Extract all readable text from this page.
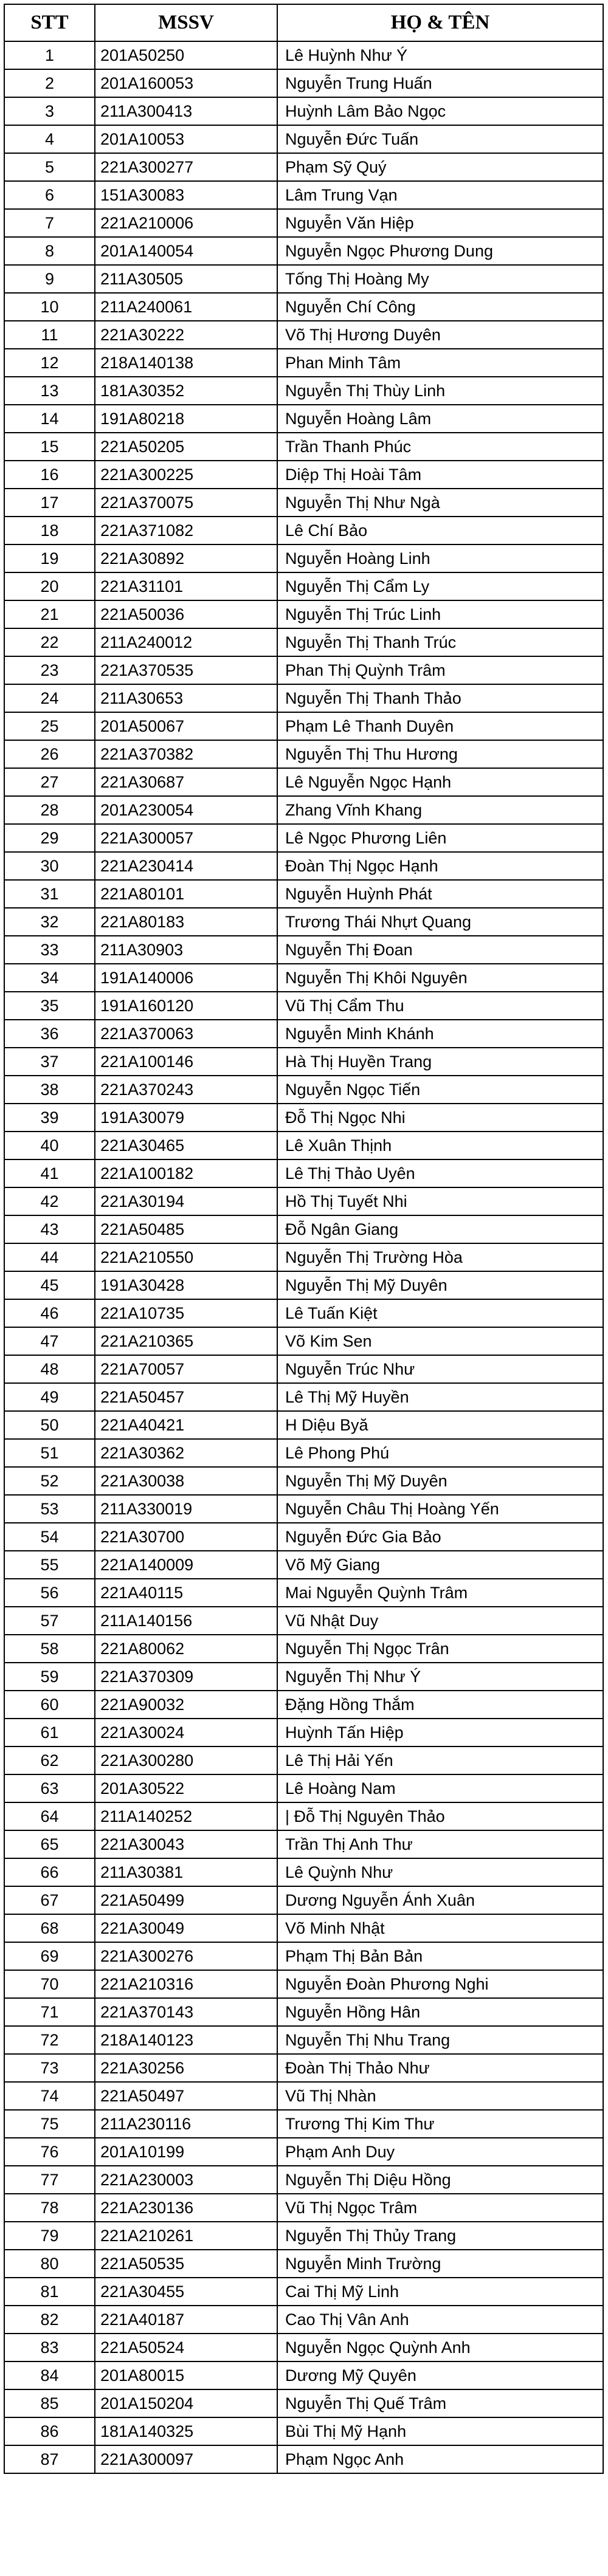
STT	MSSV	HỌ & TÊN
1	201A50250	Lê Huỳnh Như Ý
2	201A160053	Nguyễn Trung Huấn
3	211A300413	Huỳnh Lâm Bảo Ngọc
4	201A10053	Nguyễn Đức Tuấn
5	221A300277	Phạm Sỹ Quý
6	151A30083	Lâm Trung Vạn
7	221A210006	Nguyễn Văn Hiệp
8	201A140054	Nguyễn Ngọc Phương Dung
9	211A30505	Tống Thị Hoàng My
10	211A240061	Nguyễn Chí Công
11	221A30222	Võ Thị Hương Duyên
12	218A140138	Phan Minh Tâm
13	181A30352	Nguyễn Thị Thùy Linh
14	191A80218	Nguyễn Hoàng Lâm
15	221A50205	Trần Thanh Phúc
16	221A300225	Diệp Thị Hoài Tâm
17	221A370075	Nguyễn Thị Như Ngà
18	221A371082	Lê Chí Bảo
19	221A30892	Nguyễn Hoàng Linh
20	221A31101	Nguyễn Thị Cẩm Ly
21	221A50036	Nguyễn Thị Trúc Linh
22	211A240012	Nguyễn Thị Thanh Trúc
23	221A370535	Phan Thị Quỳnh Trâm
24	211A30653	Nguyễn Thị Thanh Thảo
25	201A50067	Phạm Lê Thanh Duyên
26	221A370382	Nguyễn Thị Thu Hương
27	221A30687	Lê Nguyễn Ngọc Hạnh
28	201A230054	Zhang Vĩnh Khang
29	221A300057	Lê Ngọc Phương Liên
30	221A230414	Đoàn Thị Ngọc Hạnh
31	221A80101	Nguyễn Huỳnh Phát
32	221A80183	Trương Thái Nhựt Quang
33	211A30903	Nguyễn Thị Đoan
34	191A140006	Nguyễn Thị Khôi Nguyên
35	191A160120	Vũ Thị Cẩm Thu
36	221A370063	Nguyễn Minh Khánh
37	221A100146	Hà Thị Huyền Trang
38	221A370243	Nguyễn Ngọc Tiến
39	191A30079	Đỗ Thị Ngọc Nhi
40	221A30465	Lê Xuân Thịnh
41	221A100182	Lê Thị Thảo Uyên
42	221A30194	Hồ Thị Tuyết Nhi
43	221A50485	Đỗ Ngân Giang
44	221A210550	Nguyễn Thị Trường Hòa
45	191A30428	Nguyễn Thị Mỹ Duyên
46	221A10735	Lê Tuấn Kiệt
47	221A210365	Võ Kim Sen
48	221A70057	Nguyễn Trúc Như
49	221A50457	Lê Thị Mỹ Huyền
50	221A40421	H Diệu Byă
51	221A30362	Lê Phong Phú
52	221A30038	Nguyễn Thị Mỹ Duyên
53	211A330019	Nguyễn Châu Thị Hoàng Yến
54	221A30700	Nguyễn Đức Gia Bảo
55	221A140009	Võ Mỹ Giang
56	221A40115	Mai Nguyễn Quỳnh Trâm
57	211A140156	Vũ Nhật Duy
58	221A80062	Nguyễn Thị Ngọc Trân
59	221A370309	Nguyễn Thị Như Ý
60	221A90032	Đặng Hồng Thắm
61	221A30024	Huỳnh Tấn Hiệp
62	221A300280	Lê Thị Hải Yến
63	201A30522	Lê Hoàng Nam
64	211A140252	| Đỗ Thị Nguyên Thảo
65	221A30043	Trần Thị Anh Thư
66	211A30381	Lê Quỳnh Như
67	221A50499	Dương Nguyễn Ánh Xuân
68	221A30049	Võ Minh Nhật
69	221A300276	Phạm Thị Bản Bản
70	221A210316	Nguyễn Đoàn Phương Nghi
71	221A370143	Nguyễn Hồng Hân
72	218A140123	Nguyễn Thị Nhu Trang
73	221A30256	Đoàn Thị Thảo Như
74	221A50497	Vũ Thị Nhàn
75	211A230116	Trương Thị Kim Thư
76	201A10199	Phạm Anh Duy
77	221A230003	Nguyễn Thị Diệu Hồng
78	221A230136	Vũ Thị Ngọc Trâm
79	221A210261	Nguyễn Thị Thủy Trang
80	221A50535	Nguyễn Minh Trường
81	221A30455	Cai Thị Mỹ Linh
82	221A40187	Cao Thị Vân Anh
83	221A50524	Nguyễn Ngọc Quỳnh Anh
84	201A80015	Dương Mỹ Quyên
85	201A150204	Nguyễn Thị Quế Trâm
86	181A140325	Bùi Thị Mỹ Hạnh
87	221A300097	Phạm Ngọc Anh
